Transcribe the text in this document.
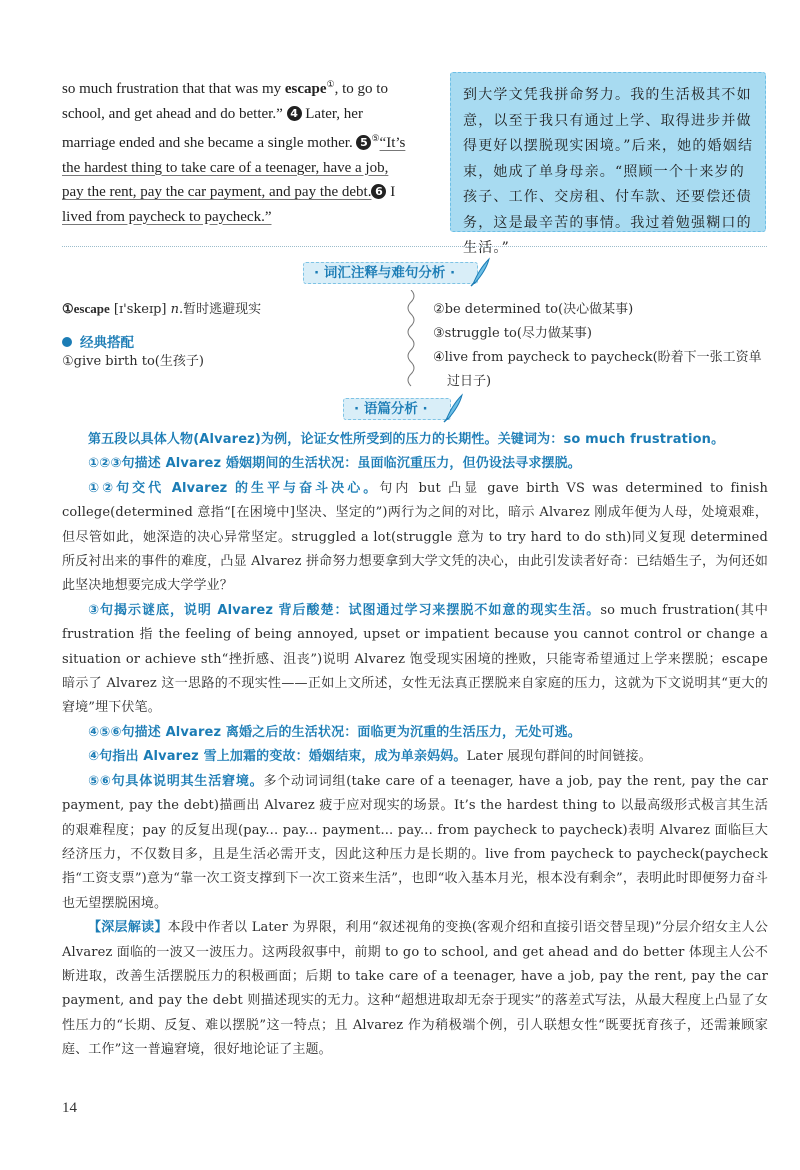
so much frustration that that was my escape①, to go to
school, and get ahead and do better.” 4 Later, her
marriage ended and she became a single mother. 5 ⑤“It’s
the hardest thing to take care of a teenager, have a job,
pay the rent, pay the car payment, and pay the debt. 6 I
lived from paycheck to paycheck.”
到大学文凭我拼命努力。我的生活极其不如意，以至于我只有通过上学、取得进步并做得更好以摆脱现实困境。”后来，她的婚姻结束，她成了单身母亲。“照顾一个十来岁的孩子、工作、交房租、付车款、还要偿还债务，这是最辛苦的事情。我过着勉强糊口的生活。”
· 词汇注释与难句分析 ·
①escape [ɪ'skeɪp] n.暂时逃避现实
经典搭配
①give birth to(生孩子)
②be determined to(决心做某事)
③struggle to(尽力做某事)
④live from paycheck to paycheck(盼着下一张工资单
过日子)
· 语篇分析 ·

第五段以具体人物(Alvarez)为例，论证女性所受到的压力的长期性。关键词为：so much frustration。

①②③句描述 Alvarez 婚姻期间的生活状况：虽面临沉重压力，但仍设法寻求摆脱。

①②句交代 Alvarez 的生平与奋斗决心。句内 but 凸显 gave birth VS was determined to finish college(determined 意指“[在困境中]坚决、坚定的”)两行为之间的对比，暗示 Alvarez 刚成年便为人母，处境艰难，但尽管如此，她深造的决心异常坚定。struggled a lot(struggle 意为 to try hard to do sth)同义复现 determined 所反衬出来的事件的难度，凸显 Alvarez 拼命努力想要拿到大学文凭的决心，由此引发读者好奇：已结婚生子，为何还如此坚决地想要完成大学学业？

③句揭示谜底，说明 Alvarez 背后酸楚：试图通过学习来摆脱不如意的现实生活。so much frustration(其中 frustration 指 the feeling of being annoyed, upset or impatient because you cannot control or change a situation or achieve sth“挫折感、沮丧”)说明 Alvarez 饱受现实困境的挫败，只能寄希望通过上学来摆脱；escape 暗示了 Alvarez 这一思路的不现实性——正如上文所述，女性无法真正摆脱来自家庭的压力，这就为下文说明其“更大的窘境”埋下伏笔。

④⑤⑥句描述 Alvarez 离婚之后的生活状况：面临更为沉重的生活压力，无处可逃。

④句指出 Alvarez 雪上加霜的变故：婚姻结束，成为单亲妈妈。Later 展现句群间的时间链接。

⑤⑥句具体说明其生活窘境。多个动词词组(take care of a teenager, have a job, pay the rent, pay the car payment, pay the debt)描画出 Alvarez 疲于应对现实的场景。It’s the hardest thing to 以最高级形式极言其生活的艰难程度；pay 的反复出现(pay... pay... payment... pay... from paycheck to paycheck)表明 Alvarez 面临巨大经济压力，不仅数目多，且是生活必需开支，因此这种压力是长期的。live from paycheck to paycheck(paycheck 指“工资支票”)意为“靠一次工资支撑到下一次工资来生活”，也即“收入基本月光，根本没有剩余”，表明此时即便努力奋斗也无望摆脱困境。

【深层解读】本段中作者以 Later 为界限，利用“叙述视角的变换(客观介绍和直接引语交替呈现)”分层介绍女主人公 Alvarez 面临的一波又一波压力。这两段叙事中，前期 to go to school, and get ahead and do better 体现主人公不断进取，改善生活摆脱压力的积极画面；后期 to take care of a teenager, have a job, pay the rent, pay the car payment, and pay the debt 则描述现实的无力。这种“超想进取却无奈于现实”的落差式写法，从最大程度上凸显了女性压力的“长期、反复、难以摆脱”这一特点；且 Alvarez 作为稍极端个例，引人联想女性“既要抚育孩子，还需兼顾家庭、工作”这一普遍窘境，很好地论证了主题。

14
